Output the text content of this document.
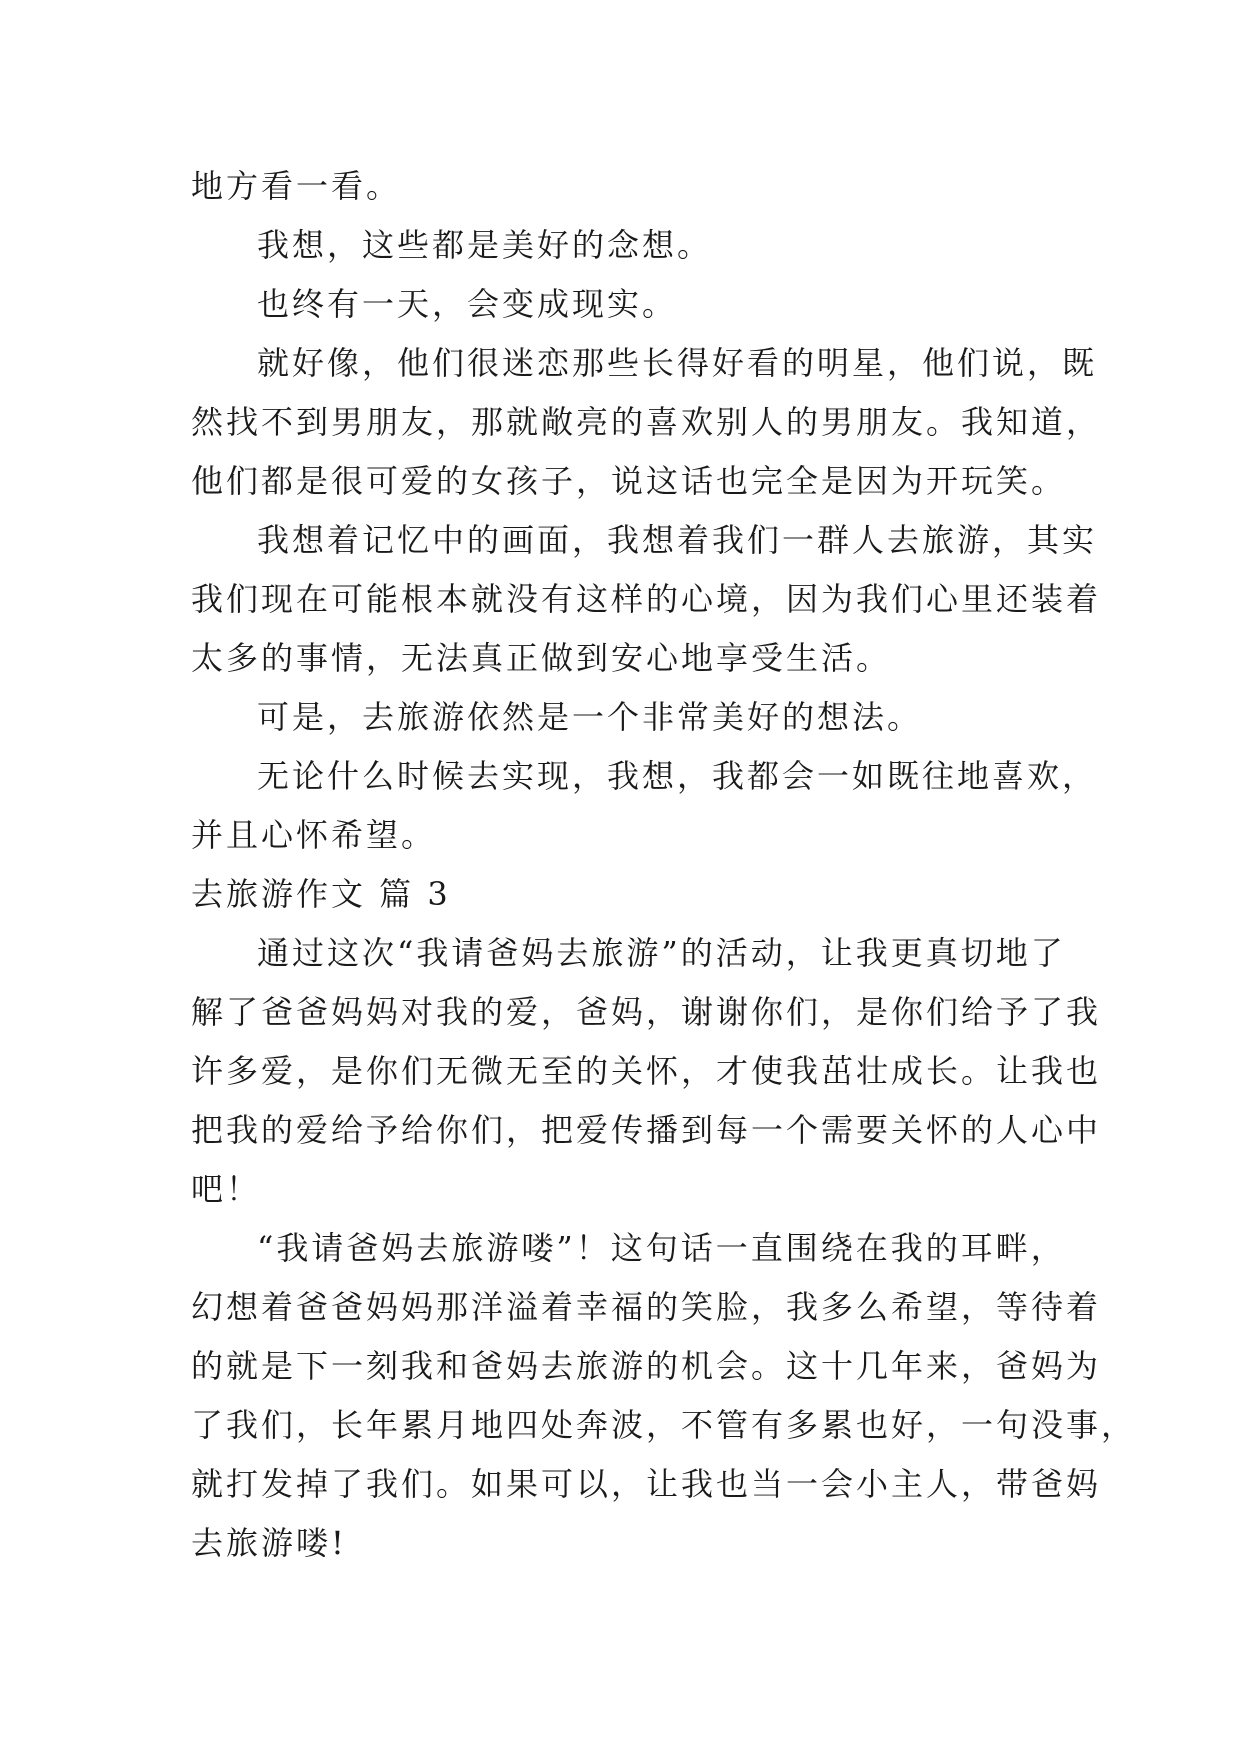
地方看一看。

我想，这些都是美好的念想。

也终有一天，会变成现实。

就好像，他们很迷恋那些长得好看的明星，他们说，既
然找不到男朋友，那就敞亮的喜欢别人的男朋友。我知道，
他们都是很可爱的女孩子，说这话也完全是因为开玩笑。

我想着记忆中的画面，我想着我们一群人去旅游，其实
我们现在可能根本就没有这样的心境，因为我们心里还装着
太多的事情，无法真正做到安心地享受生活。

可是，去旅游依然是一个非常美好的想法。

无论什么时候去实现，我想，我都会一如既往地喜欢，
并且心怀希望。

去旅游作文 篇 3

通过这次“我请爸妈去旅游”的活动，让我更真切地了
解了爸爸妈妈对我的爱，爸妈，谢谢你们，是你们给予了我
许多爱，是你们无微无至的关怀，才使我茁壮成长。让我也
把我的爱给予给你们，把爱传播到每一个需要关怀的人心中
吧！

“我请爸妈去旅游喽”！这句话一直围绕在我的耳畔，
幻想着爸爸妈妈那洋溢着幸福的笑脸，我多么希望，等待着
的就是下一刻我和爸妈去旅游的机会。这十几年来，爸妈为
了我们，长年累月地四处奔波，不管有多累也好，一句没事，
就打发掉了我们。如果可以，让我也当一会小主人，带爸妈
去旅游喽!
